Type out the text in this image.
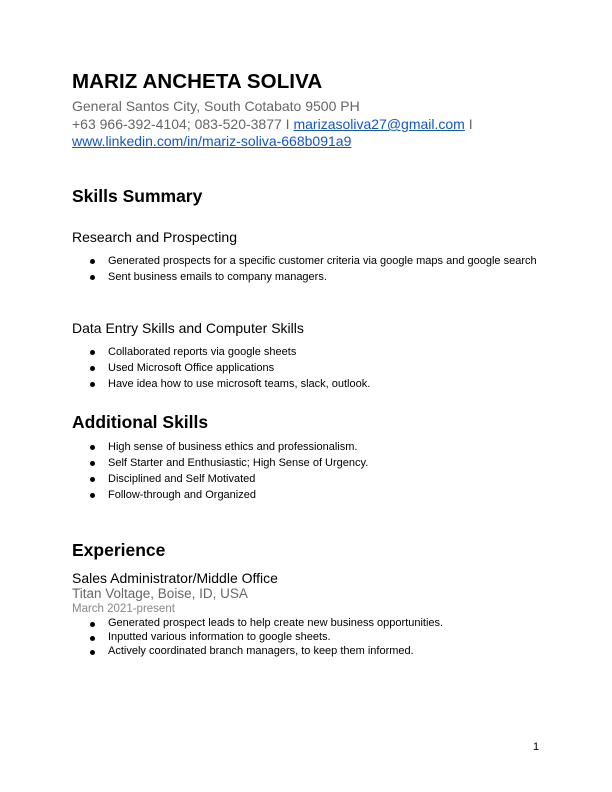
MARIZ ANCHETA SOLIVA
General Santos City, South Cotabato 9500 PH
+63 966-392-4104; 083-520-3877 I marizasoliva27@gmail.com I
www.linkedin.com/in/mariz-soliva-668b091a9
Skills Summary
Research and Prospecting
Generated prospects for a specific customer criteria via google maps and google search
Sent business emails to company managers.
Data Entry Skills and Computer Skills
Collaborated reports via google sheets
Used Microsoft Office applications
Have idea how to use microsoft teams, slack, outlook.
Additional Skills
High sense of business ethics and professionalism.
Self Starter and Enthusiastic; High Sense of Urgency.
Disciplined and Self Motivated
Follow-through and Organized
Experience
Sales Administrator/Middle Office
Titan Voltage, Boise, ID, USA
March 2021-present
Generated prospect leads to help create new business opportunities.
Inputted various information to google sheets.
Actively coordinated branch managers, to keep them informed.
1
